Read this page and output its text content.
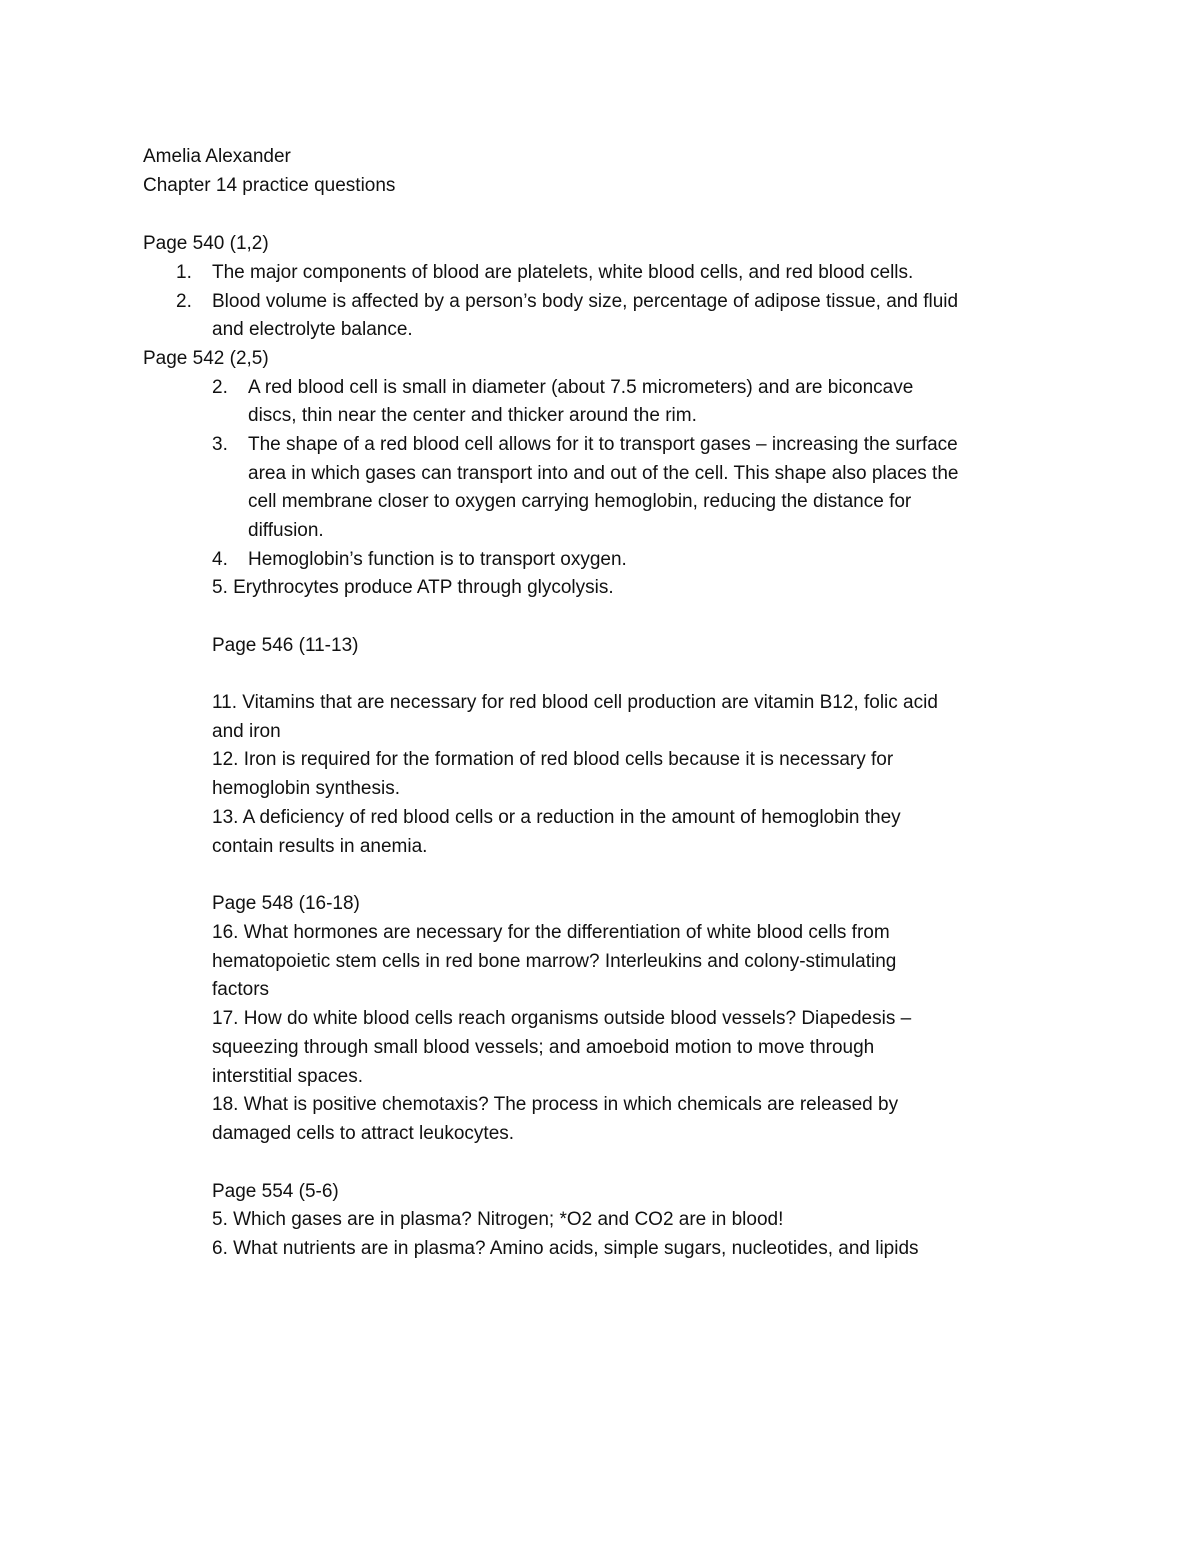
Amelia Alexander
Chapter 14 practice questions
Page 540 (1,2)
1. The major components of blood are platelets, white blood cells, and red blood cells.
2. Blood volume is affected by a person’s body size, percentage of adipose tissue, and fluid
and electrolyte balance.
Page 542 (2,5)
2. A red blood cell is small in diameter (about 7.5 micrometers) and are biconcave
discs, thin near the center and thicker around the rim.
3. The shape of a red blood cell allows for it to transport gases – increasing the surface
area in which gases can transport into and out of the cell. This shape also places the
cell membrane closer to oxygen carrying hemoglobin, reducing the distance for
diffusion.
4. Hemoglobin’s function is to transport oxygen.
5. Erythrocytes produce ATP through glycolysis.
Page 546 (11-13)
11. Vitamins that are necessary for red blood cell production are vitamin B12, folic acid
and iron
12. Iron is required for the formation of red blood cells because it is necessary for
hemoglobin synthesis.
13. A deficiency of red blood cells or a reduction in the amount of hemoglobin they
contain results in anemia.
Page 548 (16-18)
16. What hormones are necessary for the differentiation of white blood cells from
hematopoietic stem cells in red bone marrow? Interleukins and colony-stimulating
factors
17. How do white blood cells reach organisms outside blood vessels? Diapedesis –
squeezing through small blood vessels; and amoeboid motion to move through
interstitial spaces.
18. What is positive chemotaxis? The process in which chemicals are released by
damaged cells to attract leukocytes.
Page 554 (5-6)
5. Which gases are in plasma? Nitrogen; *O2 and CO2 are in blood!
6. What nutrients are in plasma? Amino acids, simple sugars, nucleotides, and lipids
